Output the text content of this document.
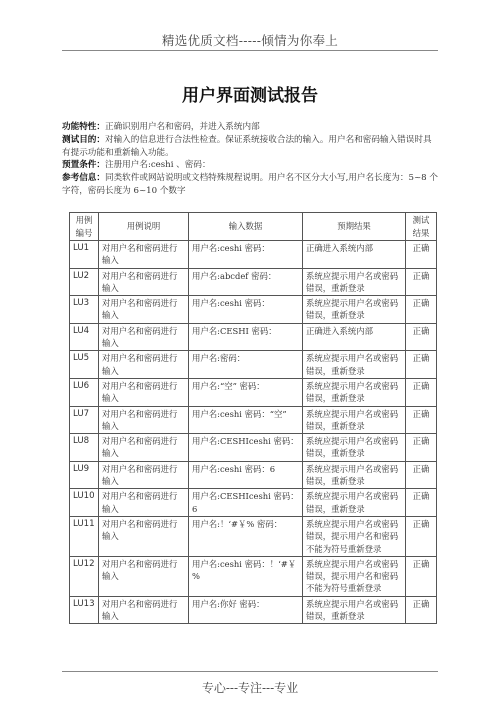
精选优质文档-----倾情为你奉上
用户界面测试报告

功能特性：正确识别用户名和密码，并进入系统内部

测试目的：对输入的信息进行合法性检查。保证系统接收合法的输入。用户名和密码输入错误时具有提示功能和重新输入功能。

预置条件：注册用户名:ceshi 、密码：

参考信息：同类软件或网站说明或文档特殊规程说明。用户名不区分大小写,用户名长度为：5~8 个字符，密码长度为 6~10 个数字

用例编号	用例说明	输入数据	预期结果	测试结果
LU1	对用户名和密码进行输入	用户名:ceshi 密码：	正确进入系统内部	正确
LU2	对用户名和密码进行输入	用户名:abcdef 密码：	系统应提示用户名或密码错误，重新登录	正确
LU3	对用户名和密码进行输入	用户名:ceshi 密码：	系统应提示用户名或密码错误，重新登录	正确
LU4	对用户名和密码进行输入	用户名:CESHI 密码：	正确进入系统内部	正确
LU5	对用户名和密码进行输入	用户名:密码：	系统应提示用户名或密码错误，重新登录	正确
LU6	对用户名和密码进行输入	用户名:“空” 密码：	系统应提示用户名或密码错误，重新登录	正确
LU7	对用户名和密码进行输入	用户名:ceshi 密码：“空”	系统应提示用户名或密码错误，重新登录	正确
LU8	对用户名和密码进行输入	用户名:CESHIceshi 密码：	系统应提示用户名或密码错误，重新登录	正确
LU9	对用户名和密码进行输入	用户名:ceshi 密码：6	系统应提示用户名或密码错误，重新登录	正确
LU10	对用户名和密码进行输入	用户名:CESHIceshi 密码：6	系统应提示用户名或密码错误，重新登录	正确
LU11	对用户名和密码进行输入	用户名:！‘#￥% 密码：	系统应提示用户名或密码错误，提示用户名和密码不能为符号重新登录	正确
LU12	对用户名和密码进行输入	用户名:ceshi 密码：！‘#￥%	系统应提示用户名或密码错误，提示用户名和密码不能为符号重新登录	正确
LU13	对用户名和密码进行输入	用户名:你好 密码：	系统应提示用户名或密码错误，重新登录	正确
专心---专注---专业
